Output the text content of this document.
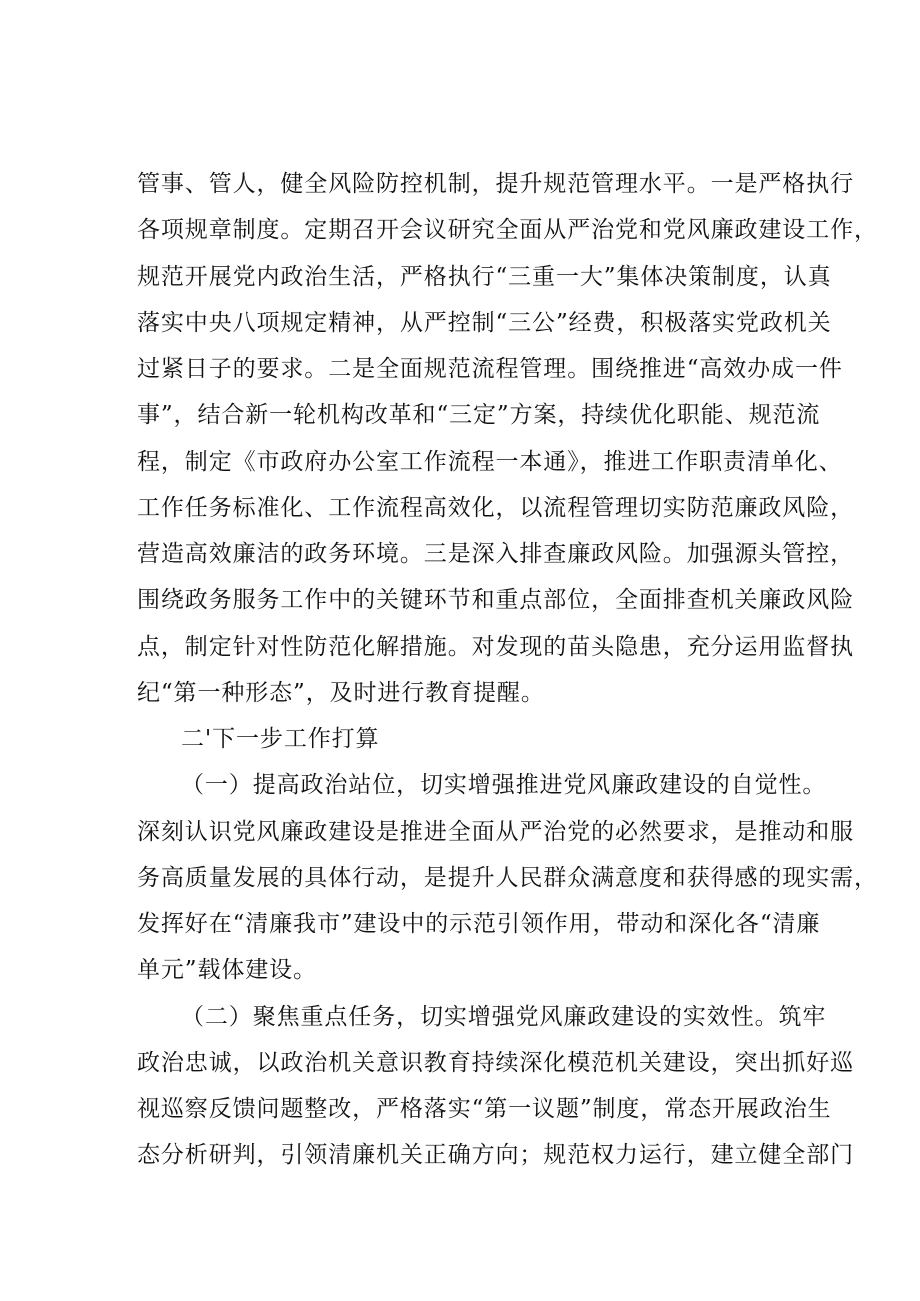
管事、管人，健全风险防控机制，提升规范管理水平。一是严格执行
各项规章制度。定期召开会议研究全面从严治党和党风廉政建设工作，
规范开展党内政治生活，严格执行“三重一大”集体决策制度，认真
落实中央八项规定精神，从严控制“三公”经费，积极落实党政机关
过紧日子的要求。二是全面规范流程管理。围绕推进“高效办成一件
事”，结合新一轮机构改革和“三定”方案，持续优化职能、规范流
程，制定《市政府办公室工作流程一本通》，推进工作职责清单化、
工作任务标准化、工作流程高效化，以流程管理切实防范廉政风险，
营造高效廉洁的政务环境。三是深入排查廉政风险。加强源头管控，
围绕政务服务工作中的关键环节和重点部位，全面排查机关廉政风险
点，制定针对性防范化解措施。对发现的苗头隐患，充分运用监督执
纪“第一种形态”，及时进行教育提醒。
二'下一步工作打算
（一）提高政治站位，切实增强推进党风廉政建设的自觉性。
深刻认识党风廉政建设是推进全面从严治党的必然要求，是推动和服
务高质量发展的具体行动，是提升人民群众满意度和获得感的现实需，
发挥好在“清廉我市”建设中的示范引领作用，带动和深化各“清廉
单元”载体建设。
（二）聚焦重点任务，切实增强党风廉政建设的实效性。筑牢
政治忠诚，以政治机关意识教育持续深化模范机关建设，突出抓好巡
视巡察反馈问题整改，严格落实“第一议题”制度，常态开展政治生
态分析研判，引领清廉机关正确方向；规范权力运行，建立健全部门
